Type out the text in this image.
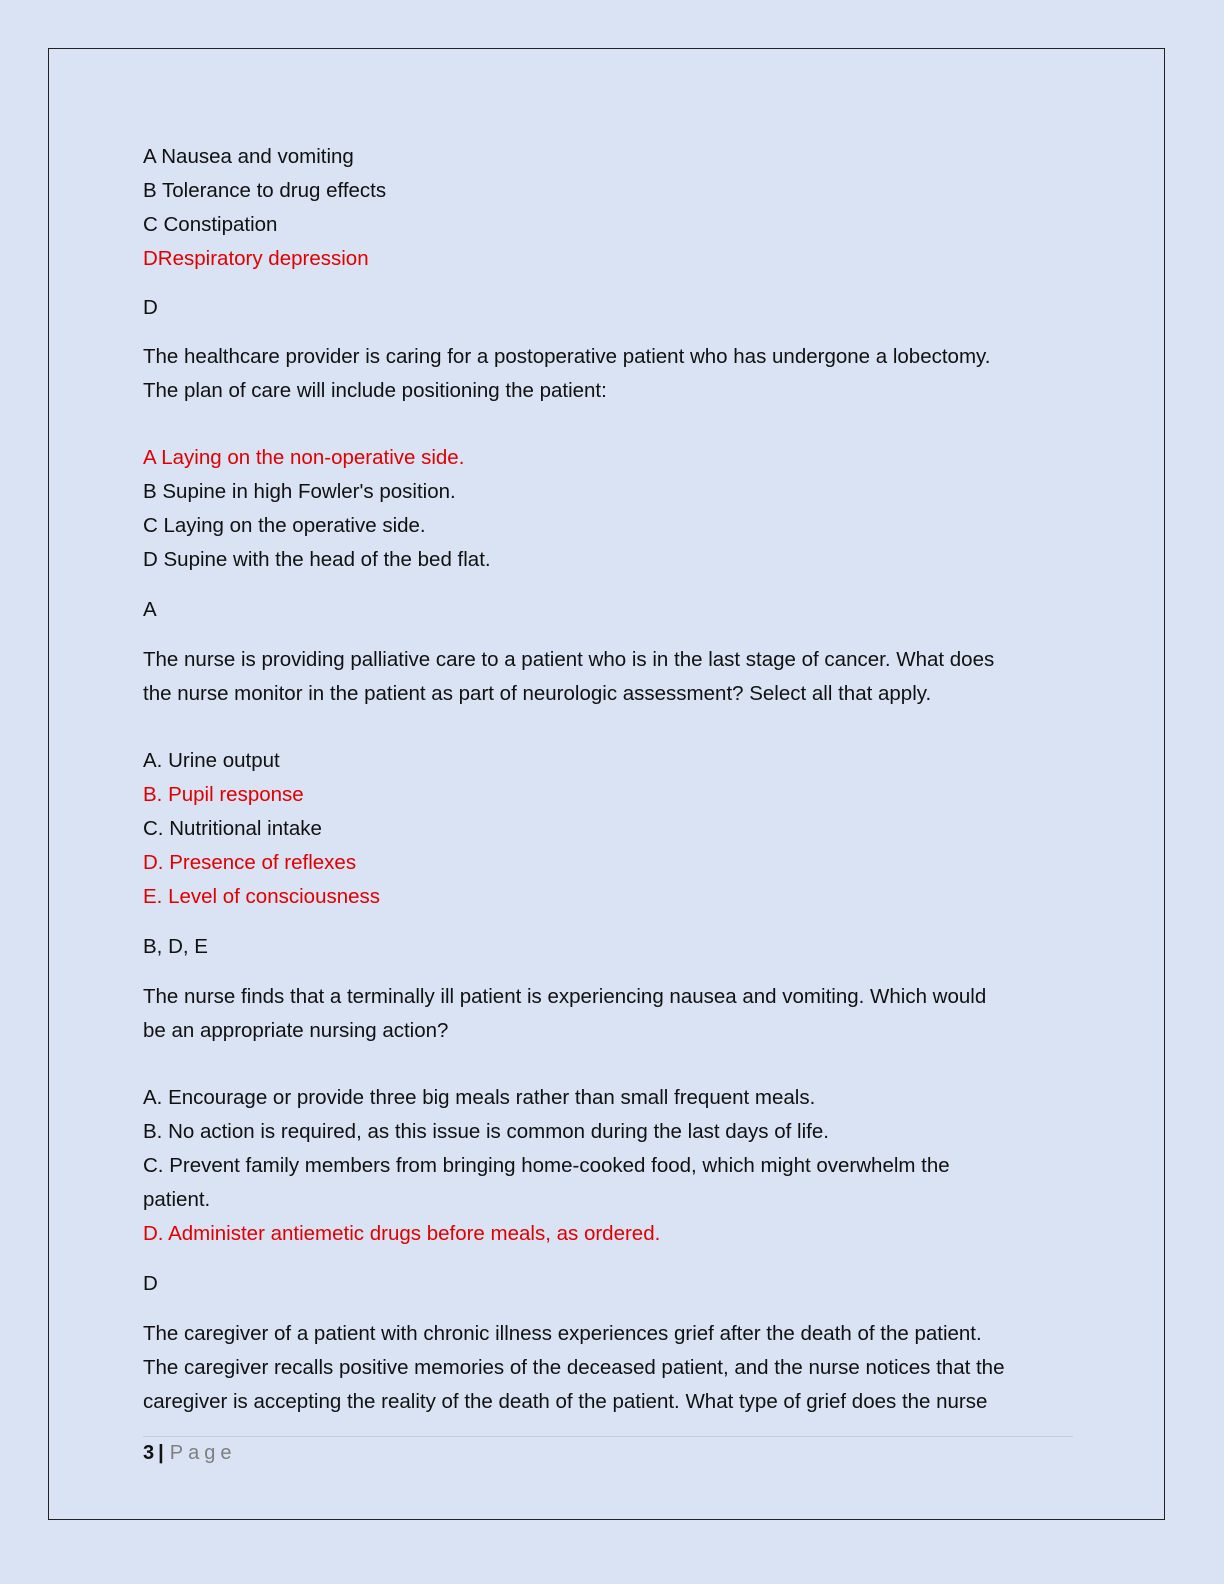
A Nausea and vomiting

B Tolerance to drug effects

C Constipation

DRespiratory depression

D

The healthcare provider is caring for a postoperative patient who has undergone a lobectomy.

The plan of care will include positioning the patient:

A Laying on the non-operative side.

B Supine in high Fowler's position.

C Laying on the operative side.

D Supine with the head of the bed flat.

A

The nurse is providing palliative care to a patient who is in the last stage of cancer. What does

the nurse monitor in the patient as part of neurologic assessment? Select all that apply.

A. Urine output

B. Pupil response

C. Nutritional intake

D. Presence of reflexes

E. Level of consciousness

B, D, E

The nurse finds that a terminally ill patient is experiencing nausea and vomiting. Which would

be an appropriate nursing action?

A. Encourage or provide three big meals rather than small frequent meals.

B. No action is required, as this issue is common during the last days of life.

C. Prevent family members from bringing home-cooked food, which might overwhelm the

patient.

D. Administer antiemetic drugs before meals, as ordered.

D

The caregiver of a patient with chronic illness experiences grief after the death of the patient.

The caregiver recalls positive memories of the deceased patient, and the nurse notices that the

caregiver is accepting the reality of the death of the patient. What type of grief does the nurse

3 | Page
